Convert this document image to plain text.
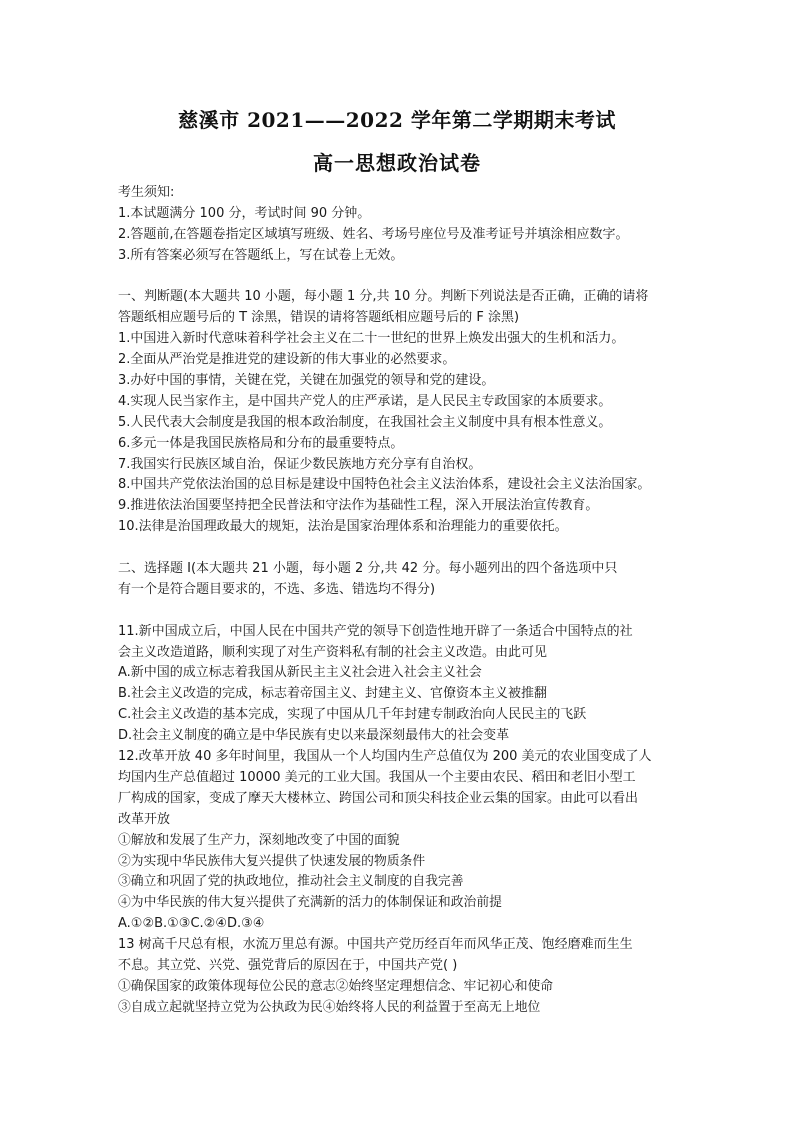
慈溪市 2021——2022 学年第二学期期末考试
高一思想政治试卷
考生须知:
1.本试题满分 100 分，考试时间 90 分钟。
2.答题前,在答题卷指定区域填写班级、姓名、考场号座位号及准考证号并填涂相应数字。
3.所有答案必须写在答题纸上，写在试卷上无效。
一、判断题(本大题共 10 小题，每小题 1 分,共 10 分。判断下列说法是否正确，正确的请将
答题纸相应题号后的 T 涂黑，错误的请将答题纸相应题号后的 F 涂黑)
1.中国进入新时代意味着科学社会主义在二十一世纪的世界上焕发出强大的生机和活力。
2.全面从严治党是推进党的建设新的伟大事业的必然要求。
3.办好中国的事情，关键在党，关键在加强党的领导和党的建设。
4.实现人民当家作主，是中国共产党人的庄严承诺，是人民民主专政国家的本质要求。
5.人民代表大会制度是我国的根本政治制度，在我国社会主义制度中具有根本性意义。
6.多元一体是我国民族格局和分布的最重要特点。
7.我国实行民族区域自治，保证少数民族地方充分享有自治权。
8.中国共产党依法治国的总目标是建设中国特色社会主义法治体系，建设社会主义法治国家。
9.推进依法治国要坚持把全民普法和守法作为基础性工程，深入开展法治宣传教育。
10.法律是治国理政最大的规矩，法治是国家治理体系和治理能力的重要依托。
二、选择题 I(本大题共 21 小题，每小题 2 分,共 42 分。每小题列出的四个备选项中只
有一个是符合题目要求的，不选、多选、错选均不得分)
11.新中国成立后，中国人民在中国共产党的领导下创造性地开辟了一条适合中国特点的社
会主义改造道路，顺利实现了对生产资料私有制的社会主义改造。由此可见
A.新中国的成立标志着我国从新民主主义社会进入社会主义社会
B.社会主义改造的完成，标志着帝国主义、封建主义、官僚资本主义被推翻
C.社会主义改造的基本完成，实现了中国从几千年封建专制政治向人民民主的飞跃
D.社会主义制度的确立是中华民族有史以来最深刻最伟大的社会变革
12.改革开放 40 多年时间里，我国从一个人均国内生产总值仅为 200 美元的农业国变成了人
均国内生产总值超过 10000 美元的工业大国。我国从一个主要由农民、稻田和老旧小型工
厂构成的国家，变成了摩天大楼林立、跨国公司和顶尖科技企业云集的国家。由此可以看出
改革开放
①解放和发展了生产力，深刻地改变了中国的面貌
②为实现中华民族伟大复兴提供了快速发展的物质条件
③确立和巩固了党的执政地位，推动社会主义制度的自我完善
④为中华民族的伟大复兴提供了充满新的活力的体制保证和政治前提
A.①②B.①③C.②④D.③④
13 树高千尺总有根，水流万里总有源。中国共产党历经百年而风华正茂、饱经磨难而生生
不息。其立党、兴党、强党背后的原因在于，中国共产党( )
①确保国家的政策体现每位公民的意志②始终坚定理想信念、牢记初心和使命
③自成立起就坚持立党为公执政为民④始终将人民的利益置于至高无上地位
